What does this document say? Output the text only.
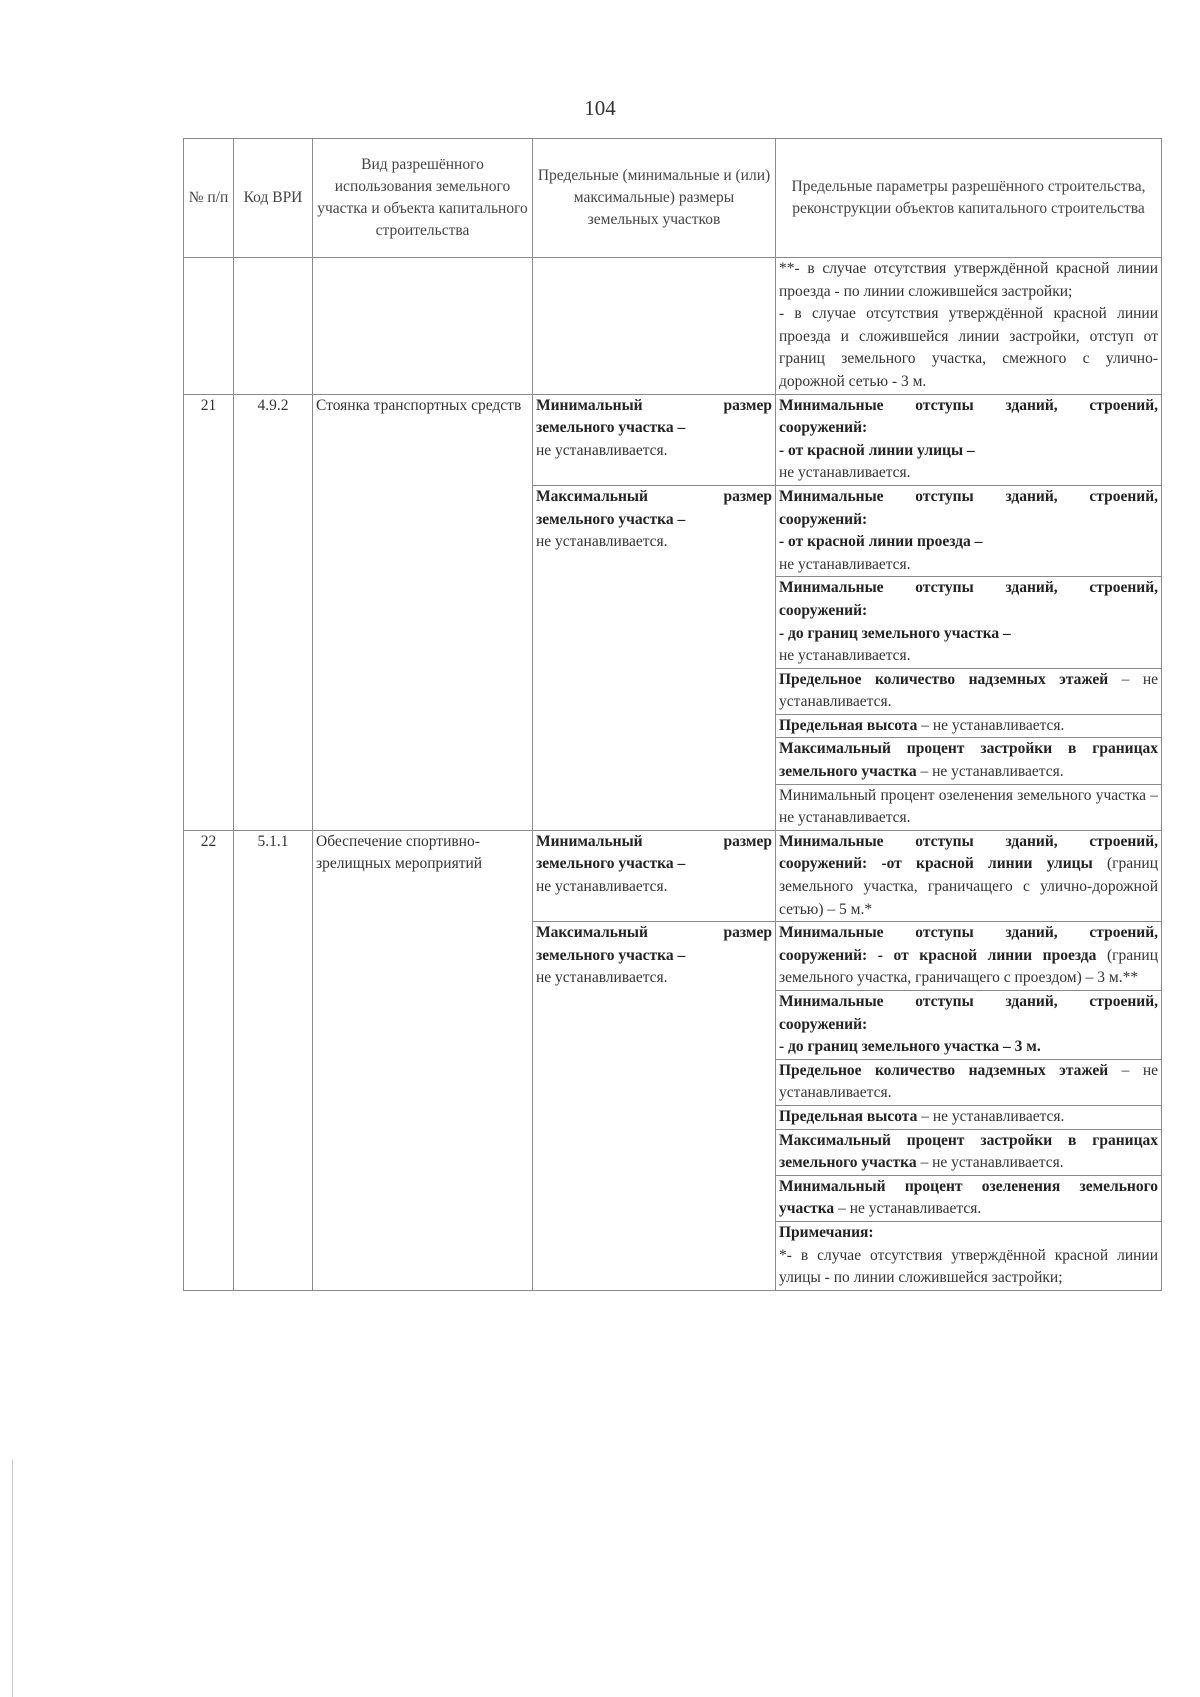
104
№ п/п	Код ВРИ	Вид разрешённого использования земельного участка и объекта капитального строительства	Предельные (минимальные и (или) максимальные) размеры земельных участков	Предельные параметры разрешённого строительства, реконструкции объектов капитального строительства

				**- в случае отсутствия утверждённой красной линии проезда - по линии сложившейся застройки;
- в случае отсутствия утверждённой красной линии проезда и сложившейся линии застройки, отступ от границ земельного участка, смежного с улично-дорожной сетью - 3 м.

21	4.9.2	Стоянка транспортных средств	Минимальный размер земельного участка –
не устанавливается.	Минимальные отступы зданий, строений, сооружений:
- от красной линии улицы –
не устанавливается.

			Максимальный размер земельного участка –
не устанавливается.	Минимальные отступы зданий, строений, сооружений:
- от красной линии проезда –
не устанавливается.

				Минимальные отступы зданий, строений, сооружений:
- до границ земельного участка –
не устанавливается.

				Предельное количество надземных этажей – не устанавливается.
				Предельная высота – не устанавливается.
				Максимальный процент застройки в границах земельного участка – не устанавливается.
				Минимальный процент озеленения земельного участка – не устанавливается.
22	5.1.1	Обеспечение спортивно-зрелищных мероприятий	Минимальный размер земельного участка –
не устанавливается.	Минимальные отступы зданий, строений, сооружений: -от красной линии улицы (границ земельного участка, граничащего с улично-дорожной сетью) – 5 м.*
			Максимальный размер земельного участка –
не устанавливается.	Минимальные отступы зданий, строений, сооружений: - от красной линии проезда (границ земельного участка, граничащего с проездом) – 3 м.**
				Минимальные отступы зданий, строений, сооружений:
- до границ земельного участка – 3 м.

				Предельное количество надземных этажей – не устанавливается.
				Предельная высота – не устанавливается.
				Максимальный процент застройки в границах земельного участка – не устанавливается.
				Минимальный процент озеленения земельного участка – не устанавливается.

				Примечания:
*- в случае отсутствия утверждённой красной линии улицы - по линии сложившейся застройки;
